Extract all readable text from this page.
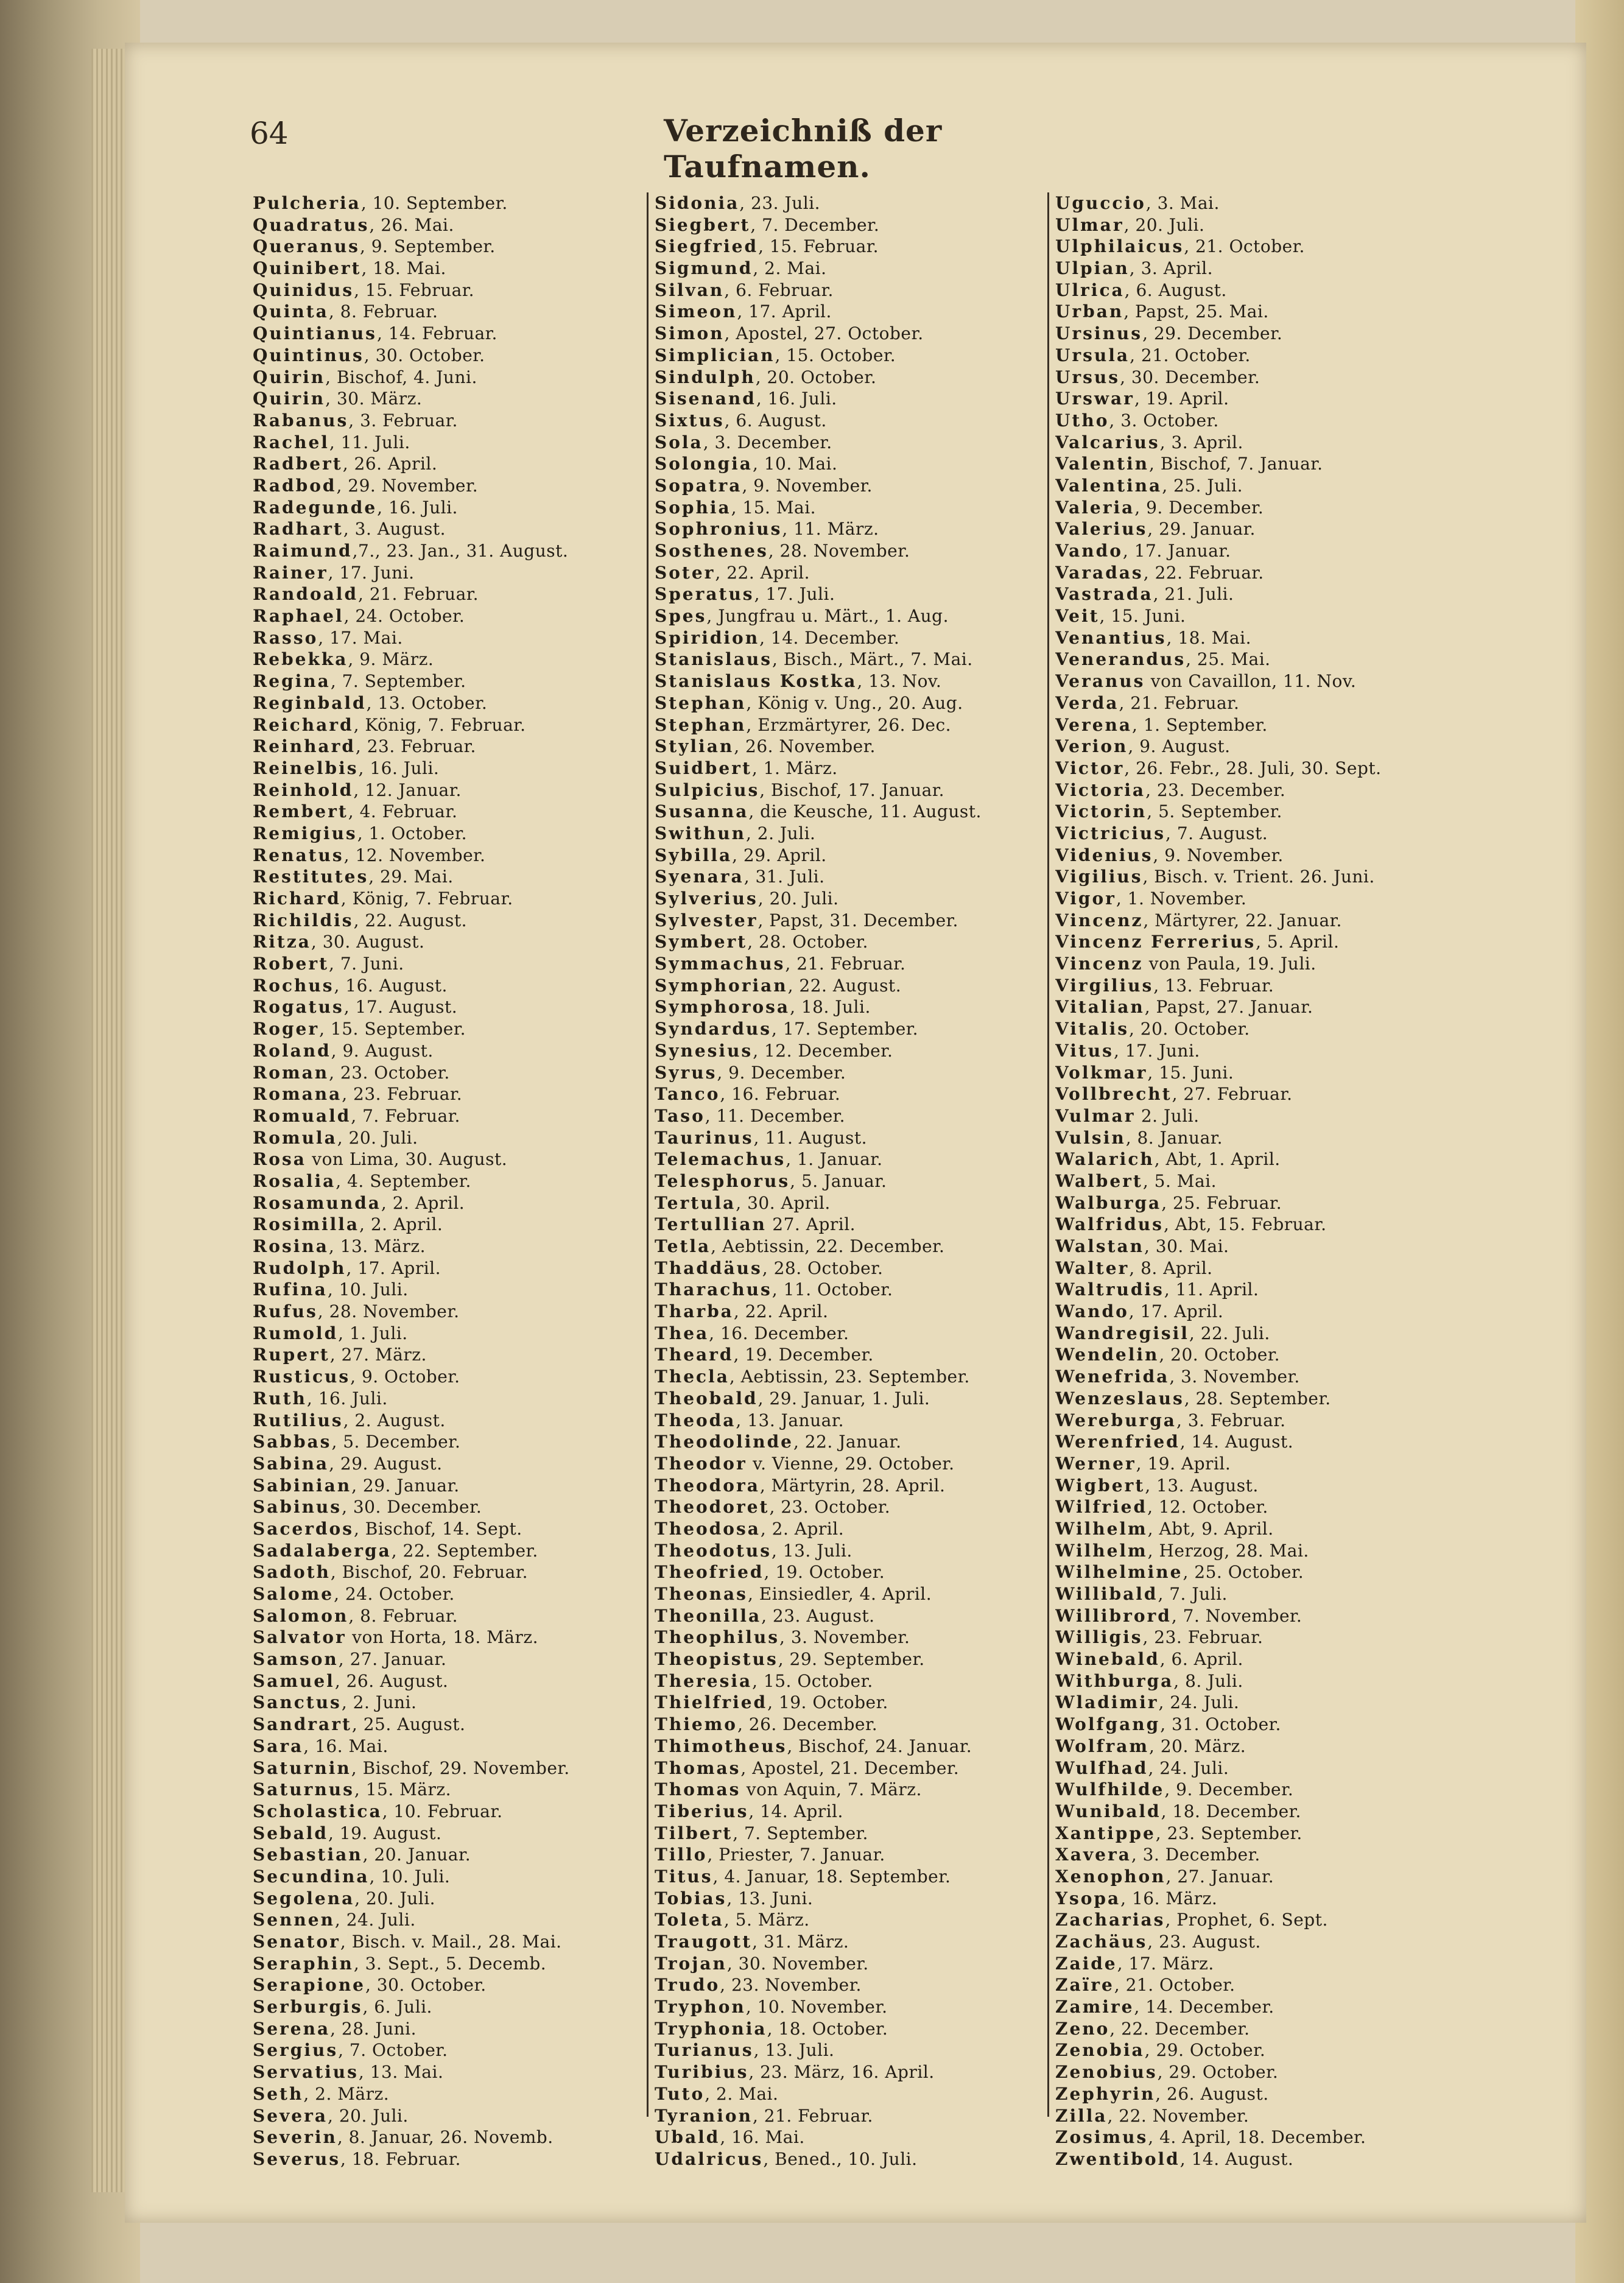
64	Verzeichniß der Taufnamen.
Pulcheria, 10. September.
Quadratus, 26. Mai.
Queranus, 9. September.
Quinibert, 18. Mai.
Quinidus, 15. Februar.
Quinta, 8. Februar.
Quintianus, 14. Februar.
Quintinus, 30. October.
Quirin, Bischof, 4. Juni.
Quirin, 30. März.
Rabanus, 3. Februar.
Rachel, 11. Juli.
Radbert, 26. April.
Radbod, 29. November.
Radegunde, 16. Juli.
Radhart, 3. August.
Raimund,7., 23. Jan., 31. August.
Rainer, 17. Juni.
Randoald, 21. Februar.
Raphael, 24. October.
Rasso, 17. Mai.
Rebekka, 9. März.
Regina, 7. September.
Reginbald, 13. October.
Reichard, König, 7. Februar.
Reinhard, 23. Februar.
Reinelbis, 16. Juli.
Reinhold, 12. Januar.
Rembert, 4. Februar.
Remigius, 1. October.
Renatus, 12. November.
Restitutes, 29. Mai.
Richard, König, 7. Februar.
Richildis, 22. August.
Ritza, 30. August.
Robert, 7. Juni.
Rochus, 16. August.
Rogatus, 17. August.
Roger, 15. September.
Roland, 9. August.
Roman, 23. October.
Romana, 23. Februar.
Romuald, 7. Februar.
Romula, 20. Juli.
Rosa von Lima, 30. August.
Rosalia, 4. September.
Rosamunda, 2. April.
Rosimilla, 2. April.
Rosina, 13. März.
Rudolph, 17. April.
Rufina, 10. Juli.
Rufus, 28. November.
Rumold, 1. Juli.
Rupert, 27. März.
Rusticus, 9. October.
Ruth, 16. Juli.
Rutilius, 2. August.
Sabbas, 5. December.
Sabina, 29. August.
Sabinian, 29. Januar.
Sabinus, 30. December.
Sacerdos, Bischof, 14. Sept.
Sadalaberga, 22. September.
Sadoth, Bischof, 20. Februar.
Salome, 24. October.
Salomon, 8. Februar.
Salvator von Horta, 18. März.
Samson, 27. Januar.
Samuel, 26. August.
Sanctus, 2. Juni.
Sandrart, 25. August.
Sara, 16. Mai.
Saturnin, Bischof, 29. November.
Saturnus, 15. März.
Scholastica, 10. Februar.
Sebald, 19. August.
Sebastian, 20. Januar.
Secundina, 10. Juli.
Segolena, 20. Juli.
Sennen, 24. Juli.
Senator, Bisch. v. Mail., 28. Mai.
Seraphin, 3. Sept., 5. Decemb.
Serapione, 30. October.
Serburgis, 6. Juli.
Serena, 28. Juni.
Sergius, 7. October.
Servatius, 13. Mai.
Seth, 2. März.
Severa, 20. Juli.
Severin, 8. Januar, 26. Novemb.
Severus, 18. Februar.
Sidonia, 23. Juli.
Siegbert, 7. December.
Siegfried, 15. Februar.
Sigmund, 2. Mai.
Silvan, 6. Februar.
Simeon, 17. April.
Simon, Apostel, 27. October.
Simplician, 15. October.
Sindulph, 20. October.
Sisenand, 16. Juli.
Sixtus, 6. August.
Sola, 3. December.
Solongia, 10. Mai.
Sopatra, 9. November.
Sophia, 15. Mai.
Sophronius, 11. März.
Sosthenes, 28. November.
Soter, 22. April.
Speratus, 17. Juli.
Spes, Jungfrau u. Märt., 1. Aug.
Spiridion, 14. December.
Stanislaus, Bisch., Märt., 7. Mai.
Stanislaus Kostka, 13. Nov.
Stephan, König v. Ung., 20. Aug.
Stephan, Erzmärtyrer, 26. Dec.
Stylian, 26. November.
Suidbert, 1. März.
Sulpicius, Bischof, 17. Januar.
Susanna, die Keusche, 11. August.
Swithun, 2. Juli.
Sybilla, 29. April.
Syenara, 31. Juli.
Sylverius, 20. Juli.
Sylvester, Papst, 31. December.
Symbert, 28. October.
Symmachus, 21. Februar.
Symphorian, 22. August.
Symphorosa, 18. Juli.
Syndardus, 17. September.
Synesius, 12. December.
Syrus, 9. December.
Tanco, 16. Februar.
Taso, 11. December.
Taurinus, 11. August.
Telemachus, 1. Januar.
Telesphorus, 5. Januar.
Tertula, 30. April.
Tertullian 27. April.
Tetla, Aebtissin, 22. December.
Thaddäus, 28. October.
Tharachus, 11. October.
Tharba, 22. April.
Thea, 16. December.
Theard, 19. December.
Thecla, Aebtissin, 23. September.
Theobald, 29. Januar, 1. Juli.
Theoda, 13. Januar.
Theodolinde, 22. Januar.
Theodor v. Vienne, 29. October.
Theodora, Märtyrin, 28. April.
Theodoret, 23. October.
Theodosa, 2. April.
Theodotus, 13. Juli.
Theofried, 19. October.
Theonas, Einsiedler, 4. April.
Theonilla, 23. August.
Theophilus, 3. November.
Theopistus, 29. September.
Theresia, 15. October.
Thielfried, 19. October.
Thiemo, 26. December.
Thimotheus, Bischof, 24. Januar.
Thomas, Apostel, 21. December.
Thomas von Aquin, 7. März.
Tiberius, 14. April.
Tilbert, 7. September.
Tillo, Priester, 7. Januar.
Titus, 4. Januar, 18. September.
Tobias, 13. Juni.
Toleta, 5. März.
Traugott, 31. März.
Trojan, 30. November.
Trudo, 23. November.
Tryphon, 10. November.
Tryphonia, 18. October.
Turianus, 13. Juli.
Turibius, 23. März, 16. April.
Tuto, 2. Mai.
Tyranion, 21. Februar.
Ubald, 16. Mai.
Udalricus, Bened., 10. Juli.
Uguccio, 3. Mai.
Ulmar, 20. Juli.
Ulphilaicus, 21. October.
Ulpian, 3. April.
Ulrica, 6. August.
Urban, Papst, 25. Mai.
Ursinus, 29. December.
Ursula, 21. October.
Ursus, 30. December.
Urswar, 19. April.
Utho, 3. October.
Valcarius, 3. April.
Valentin, Bischof, 7. Januar.
Valentina, 25. Juli.
Valeria, 9. December.
Valerius, 29. Januar.
Vando, 17. Januar.
Varadas, 22. Februar.
Vastrada, 21. Juli.
Veit, 15. Juni.
Venantius, 18. Mai.
Venerandus, 25. Mai.
Veranus von Cavaillon, 11. Nov.
Verda, 21. Februar.
Verena, 1. September.
Verion, 9. August.
Victor, 26. Febr., 28. Juli, 30. Sept.
Victoria, 23. December.
Victorin, 5. September.
Victricius, 7. August.
Videnius, 9. November.
Vigilius, Bisch. v. Trient. 26. Juni.
Vigor, 1. November.
Vincenz, Märtyrer, 22. Januar.
Vincenz Ferrerius, 5. April.
Vincenz von Paula, 19. Juli.
Virgilius, 13. Februar.
Vitalian, Papst, 27. Januar.
Vitalis, 20. October.
Vitus, 17. Juni.
Volkmar, 15. Juni.
Vollbrecht, 27. Februar.
Vulmar 2. Juli.
Vulsin, 8. Januar.
Walarich, Abt, 1. April.
Walbert, 5. Mai.
Walburga, 25. Februar.
Walfridus, Abt, 15. Februar.
Walstan, 30. Mai.
Walter, 8. April.
Waltrudis, 11. April.
Wando, 17. April.
Wandregisil, 22. Juli.
Wendelin, 20. October.
Wenefrida, 3. November.
Wenzeslaus, 28. September.
Wereburga, 3. Februar.
Werenfried, 14. August.
Werner, 19. April.
Wigbert, 13. August.
Wilfried, 12. October.
Wilhelm, Abt, 9. April.
Wilhelm, Herzog, 28. Mai.
Wilhelmine, 25. October.
Willibald, 7. Juli.
Willibrord, 7. November.
Willigis, 23. Februar.
Winebald, 6. April.
Withburga, 8. Juli.
Wladimir, 24. Juli.
Wolfgang, 31. October.
Wolfram, 20. März.
Wulfhad, 24. Juli.
Wulfhilde, 9. December.
Wunibald, 18. December.
Xantippe, 23. September.
Xavera, 3. December.
Xenophon, 27. Januar.
Ysopa, 16. März.
Zacharias, Prophet, 6. Sept.
Zachäus, 23. August.
Zaide, 17. März.
Zaïre, 21. October.
Zamire, 14. December.
Zeno, 22. December.
Zenobia, 29. October.
Zenobius, 29. October.
Zephyrin, 26. August.
Zilla, 22. November.
Zosimus, 4. April, 18. December.
Zwentibold, 14. August.
